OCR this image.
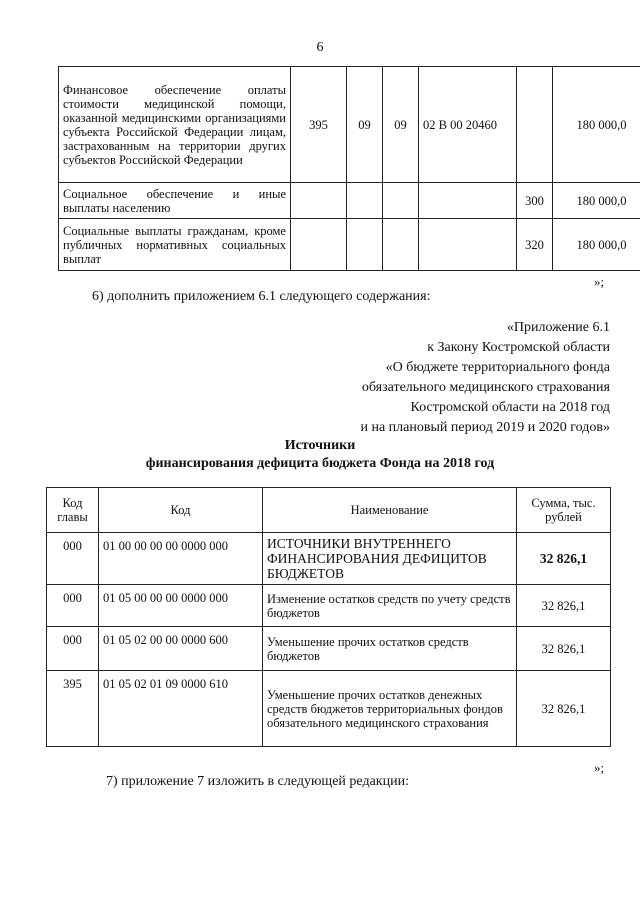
6
Финансовое обеспечение оплаты стоимости медицинской помощи, оказанной медицинскими организациями субъекта Российской Федерации лицам, застрахованным на территории других субъектов Российской Федерации	395	09	09	02 В 00 20460		180 000,0
Социальное обеспечение и иные выплаты населению					300	180 000,0
Социальные выплаты гражданам, кроме публичных нормативных социальных выплат					320	180 000,0
»;
6) дополнить приложением 6.1 следующего содержания:
«Приложение 6.1
к Закону Костромской области
«О бюджете территориального фонда
обязательного медицинского страхования
Костромской области на 2018 год
и на плановый период 2019 и 2020 годов»
Источники
финансирования дефицита бюджета Фонда на 2018 год
Код главы	Код	Наименование	Сумма, тыс. рублей
000	01 00 00 00 00 0000 000	ИСТОЧНИКИ ВНУТРЕННЕГО ФИНАНСИРОВАНИЯ ДЕФИЦИТОВ БЮДЖЕТОВ	32 826,1
000	01 05 00 00 00 0000 000	Изменение остатков средств по учету средств бюджетов	32 826,1
000	01 05 02 00 00 0000 600	Уменьшение прочих остатков средств бюджетов	32 826,1
395	01 05 02 01 09 0000 610	Уменьшение прочих остатков денежных средств бюджетов территориальных фондов обязательного медицинского страхования	32 826,1
»;
7) приложение 7 изложить в следующей редакции:
